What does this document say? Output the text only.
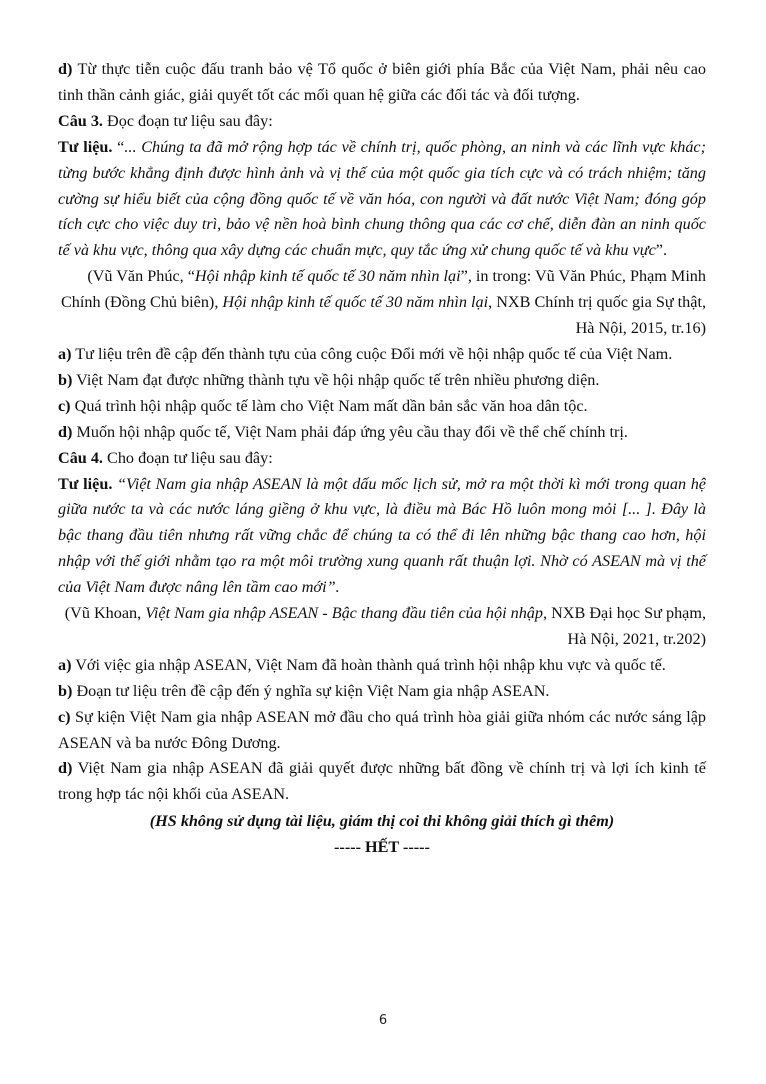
d) Từ thực tiễn cuộc đấu tranh bảo vệ Tổ quốc ở biên giới phía Bắc của Việt Nam, phải nêu cao tinh thần cảnh giác, giải quyết tốt các mối quan hệ giữa các đối tác và đối tượng.

Câu 3. Đọc đoạn tư liệu sau đây:

Tư liệu. “... Chúng ta đã mở rộng hợp tác về chính trị, quốc phòng, an ninh và các lĩnh vực khác; từng bước khẳng định được hình ảnh và vị thế của một quốc gia tích cực và có trách nhiệm; tăng cường sự hiểu biết của cộng đồng quốc tế về văn hóa, con người và đất nước Việt Nam; đóng góp tích cực cho việc duy trì, bảo vệ nền hoà bình chung thông qua các cơ chế, diễn đàn an ninh quốc tế và khu vực, thông qua xây dựng các chuẩn mực, quy tắc ứng xử chung quốc tế và khu vực”.

(Vũ Văn Phúc, “Hội nhập kinh tế quốc tế 30 năm nhìn lại”, in trong: Vũ Văn Phúc, Phạm Minh Chính (Đồng Chủ biên), Hội nhập kinh tế quốc tế 30 năm nhìn lại, NXB Chính trị quốc gia Sự thật, Hà Nội, 2015, tr.16)

a) Tư liệu trên đề cập đến thành tựu của công cuộc Đổi mới về hội nhập quốc tế của Việt Nam.

b) Việt Nam đạt được những thành tựu về hội nhập quốc tế trên nhiều phương diện.

c) Quá trình hội nhập quốc tế làm cho Việt Nam mất dần bản sắc văn hoa dân tộc.

d) Muốn hội nhập quốc tế, Việt Nam phải đáp ứng yêu cầu thay đổi về thể chế chính trị.

Câu 4. Cho đoạn tư liệu sau đây:

Tư liệu. “Việt Nam gia nhập ASEAN là một dấu mốc lịch sử, mở ra một thời kì mới trong quan hệ giữa nước ta và các nước láng giềng ở khu vực, là điều mà Bác Hồ luôn mong mỏi [... ]. Đây là bậc thang đầu tiên nhưng rất vững chắc để chúng ta có thể đi lên những bậc thang cao hơn, hội nhập với thế giới nhằm tạo ra một môi trường xung quanh rất thuận lợi. Nhờ có ASEAN mà vị thế của Việt Nam được nâng lên tầm cao mới”.

(Vũ Khoan, Việt Nam gia nhập ASEAN - Bậc thang đầu tiên của hội nhập, NXB Đại học Sư phạm, Hà Nội, 2021, tr.202)

a) Với việc gia nhập ASEAN, Việt Nam đã hoàn thành quá trình hội nhập khu vực và quốc tế.

b) Đoạn tư liệu trên đề cập đến ý nghĩa sự kiện Việt Nam gia nhập ASEAN.

c) Sự kiện Việt Nam gia nhập ASEAN mở đầu cho quá trình hòa giải giữa nhóm các nước sáng lập ASEAN và ba nước Đông Dương.

d) Việt Nam gia nhập ASEAN đã giải quyết được những bất đồng về chính trị và lợi ích kinh tế trong hợp tác nội khối của ASEAN.

(HS không sử dụng tài liệu, giám thị coi thi không giải thích gì thêm)

----- HẾT -----

6
